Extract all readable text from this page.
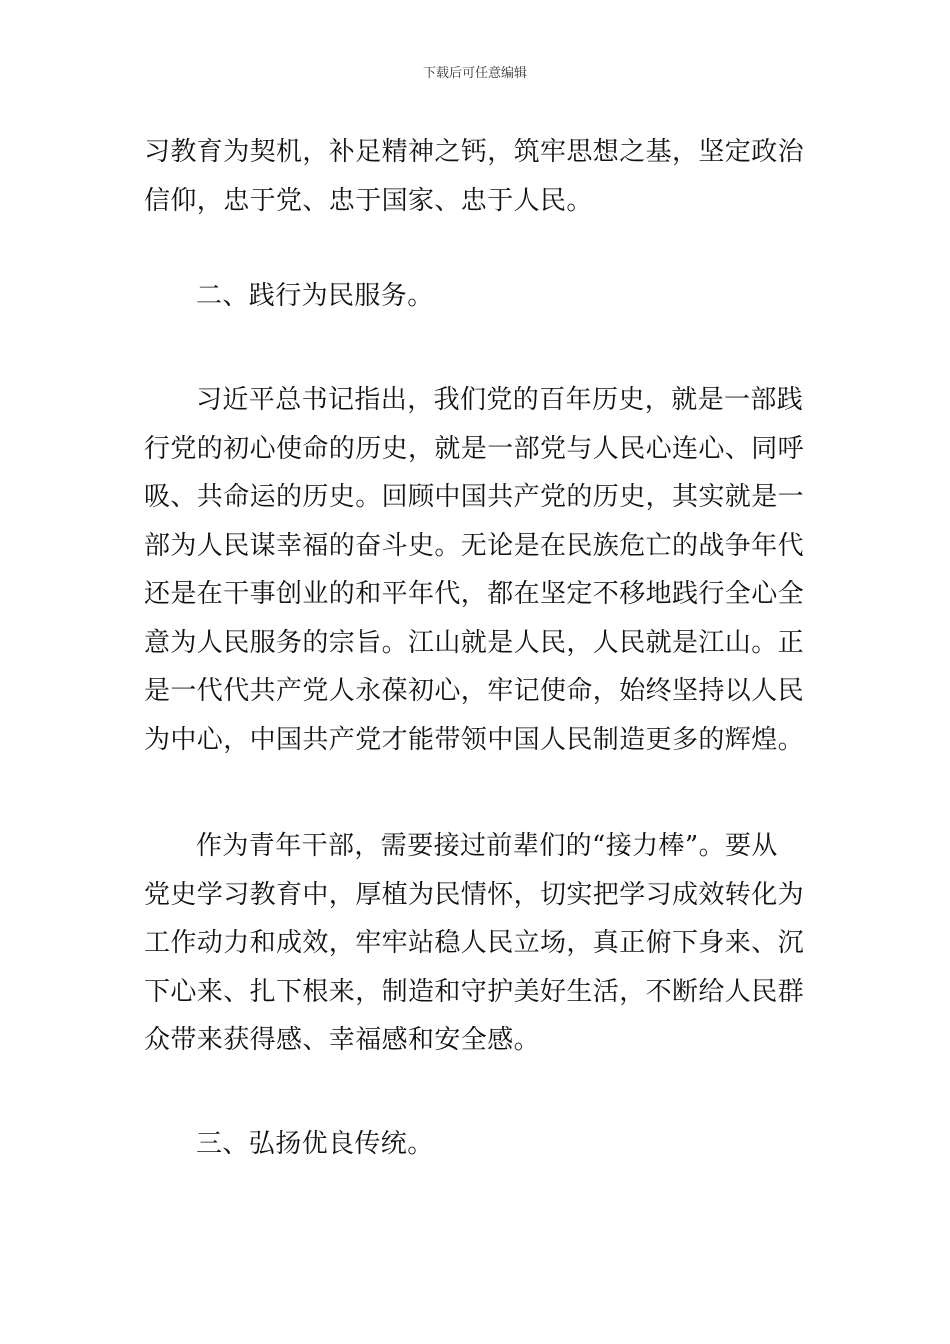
下载后可任意编辑

习教育为契机，补足精神之钙，筑牢思想之基，坚定政治
信仰，忠于党、忠于国家、忠于人民。

二、践行为民服务。

习近平总书记指出，我们党的百年历史，就是一部践
行党的初心使命的历史，就是一部党与人民心连心、同呼
吸、共命运的历史。回顾中国共产党的历史，其实就是一
部为人民谋幸福的奋斗史。无论是在民族危亡的战争年代
还是在干事创业的和平年代，都在坚定不移地践行全心全
意为人民服务的宗旨。江山就是人民，人民就是江山。正
是一代代共产党人永葆初心，牢记使命，始终坚持以人民
为中心，中国共产党才能带领中国人民制造更多的辉煌。

作为青年干部，需要接过前辈们的“接力棒”。要从
党史学习教育中，厚植为民情怀，切实把学习成效转化为
工作动力和成效，牢牢站稳人民立场，真正俯下身来、沉
下心来、扎下根来，制造和守护美好生活，不断给人民群
众带来获得感、幸福感和安全感。

三、弘扬优良传统。
